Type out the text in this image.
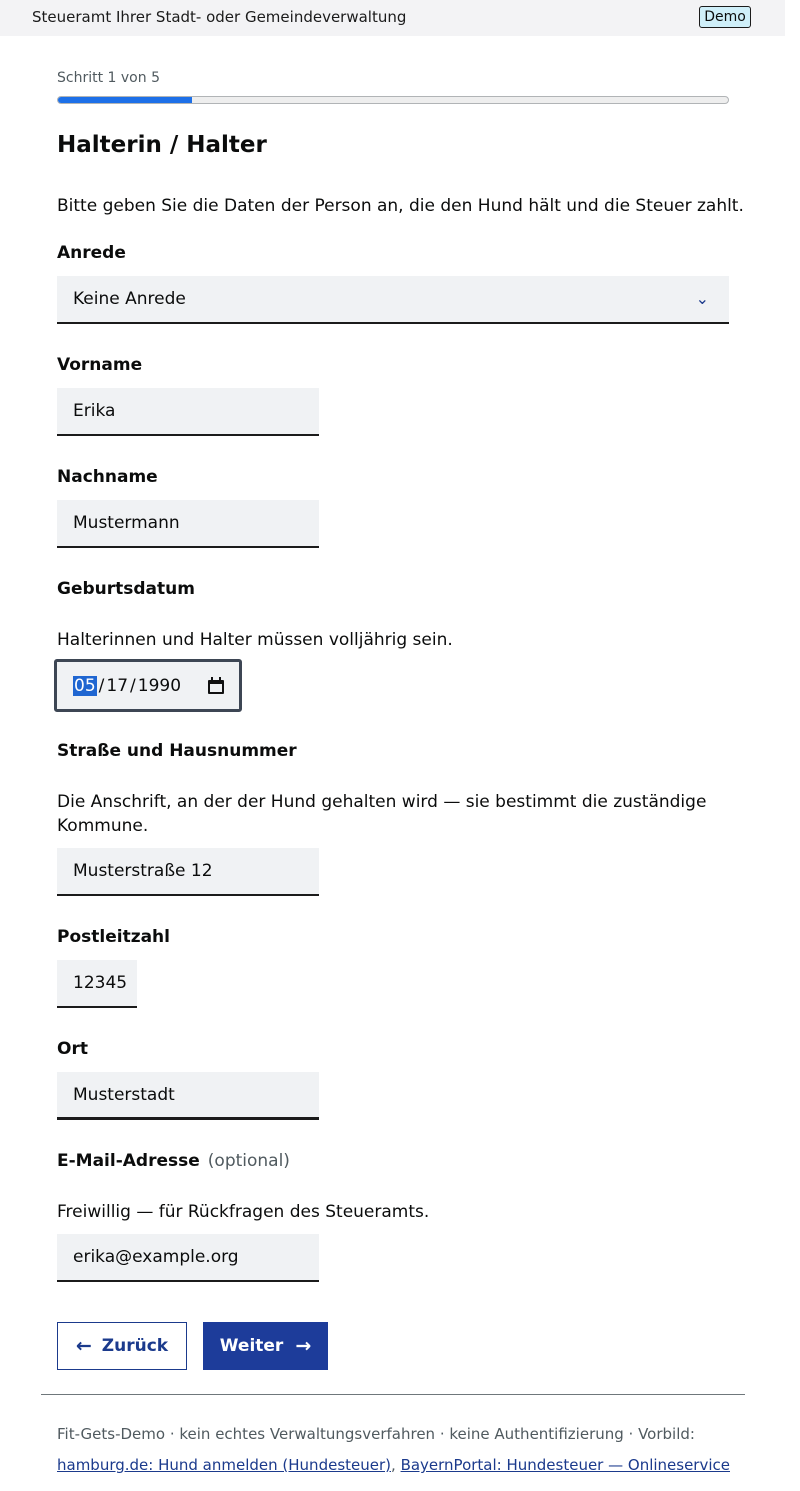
Steueramt Ihrer Stadt- oder Gemeindeverwaltung	Demo
Schritt 1 von 5
Halterin / Halter
Bitte geben Sie die Daten der Person an, die den Hund hält und die Steuer zahlt.
Anrede
Keine Anrede	⌄
Vorname
Erika
Nachname
Mustermann
Geburtsdatum
Halterinnen und Halter müssen volljährig sein.
05 / 17 / 1990
Straße und Hausnummer
Die Anschrift, an der der Hund gehalten wird — sie bestimmt die zuständige Kommune.
Musterstraße 12
Postleitzahl
12345
Ort
Musterstadt
E-Mail-Adresse (optional)
Freiwillig — für Rückfragen des Steueramts.
erika@example.org
← Zurück	Weiter →
Fit-Gets-Demo · kein echtes Verwaltungsverfahren · keine Authentifizierung · Vorbild:
hamburg.de: Hund anmelden (Hundesteuer), BayernPortal: Hundesteuer — Onlineservice
